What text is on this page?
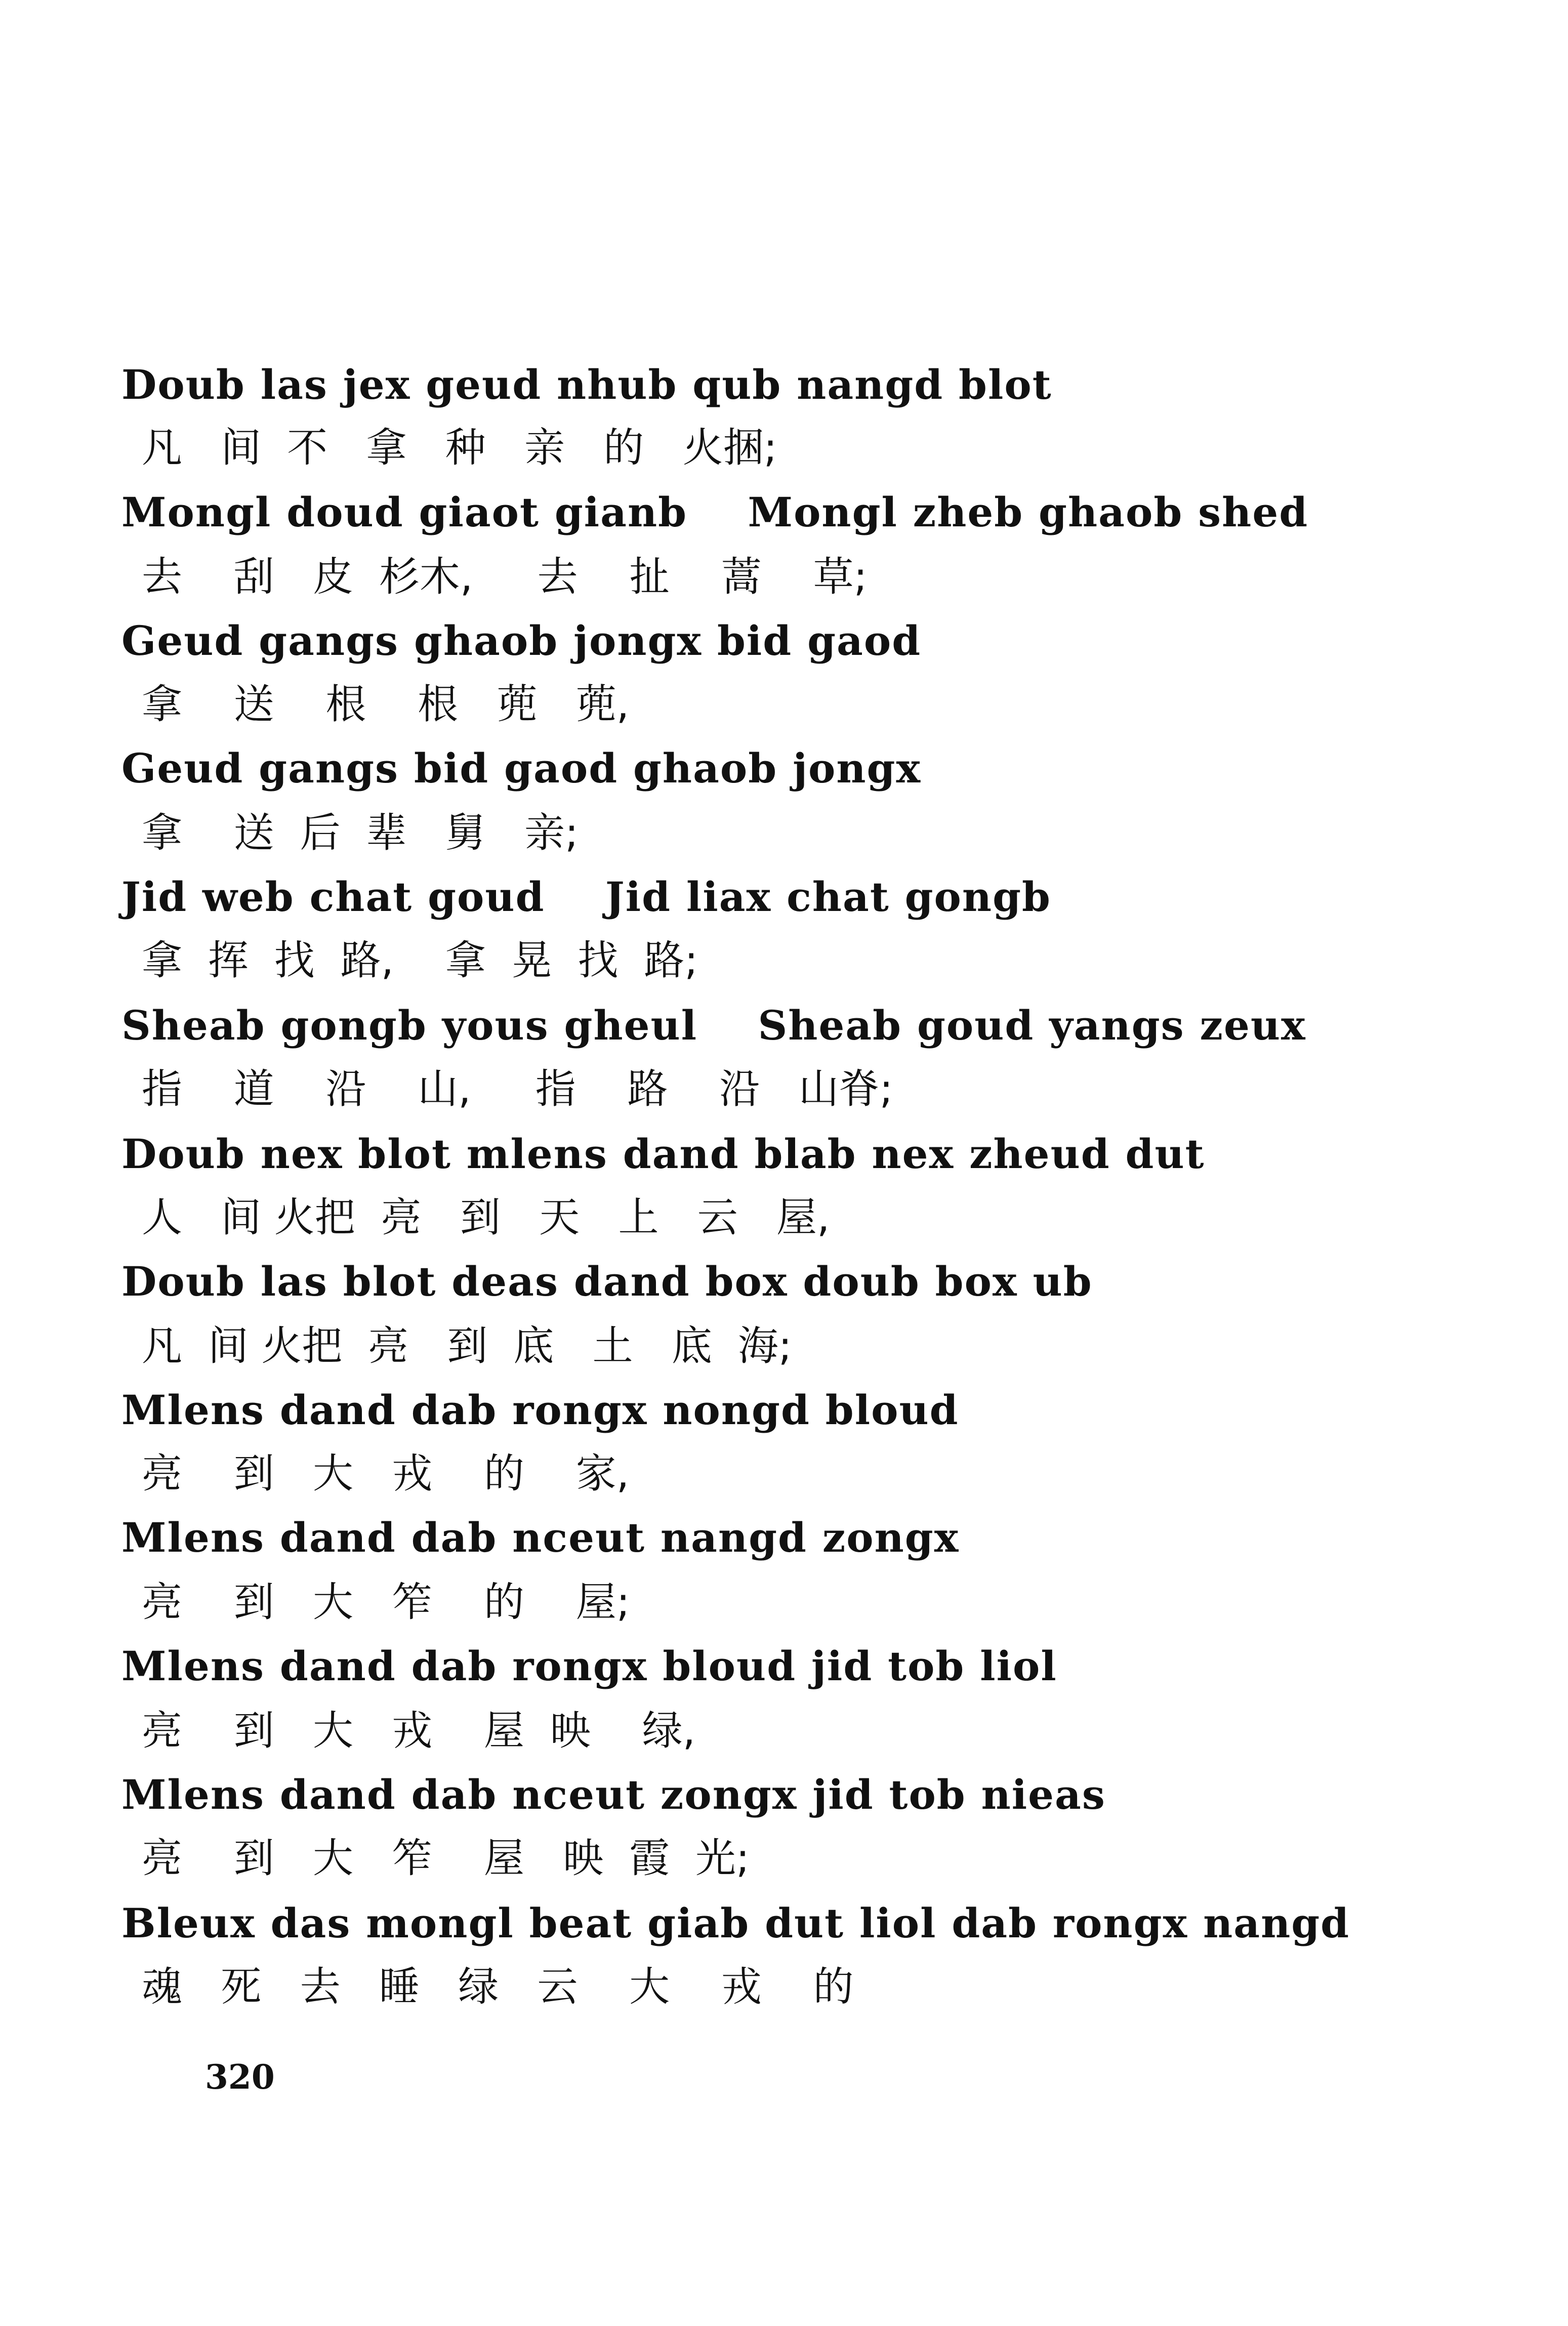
Doub las jex geud nhub qub nangd blot
凡   间  不   拿   种   亲   的   火捆;
Mongl doud giaot gianb    Mongl zheb ghaob shed
去    刮   皮  杉木,     去    扯    蒿    草;
Geud gangs ghaob jongx bid gaod
拿    送    根    根   蔸   蔸,
Geud gangs bid gaod ghaob jongx
拿    送  后  辈   舅   亲;
Jid web chat goud    Jid liax chat gongb
拿  挥  找  路,    拿  晃  找  路;
Sheab gongb yous gheul    Sheab goud yangs zeux
指    道    沿    山,     指    路    沿   山脊;
Doub nex blot mlens dand blab nex zheud dut
人   间 火把  亮   到   天   上   云   屋,
Doub las blot deas dand box doub box ub
凡  间 火把  亮   到  底   土   底  海;
Mlens dand dab rongx nongd bloud
亮    到   大   戎    的    家,
Mlens dand dab nceut nangd zongx
亮    到   大   笮    的    屋;
Mlens dand dab rongx bloud jid tob liol
亮    到   大   戎    屋  映    绿,
Mlens dand dab nceut zongx jid tob nieas
亮    到   大   笮    屋   映  霞  光;
Bleux das mongl beat giab dut liol dab rongx nangd
魂   死   去   睡   绿   云    大    戎    的
320
